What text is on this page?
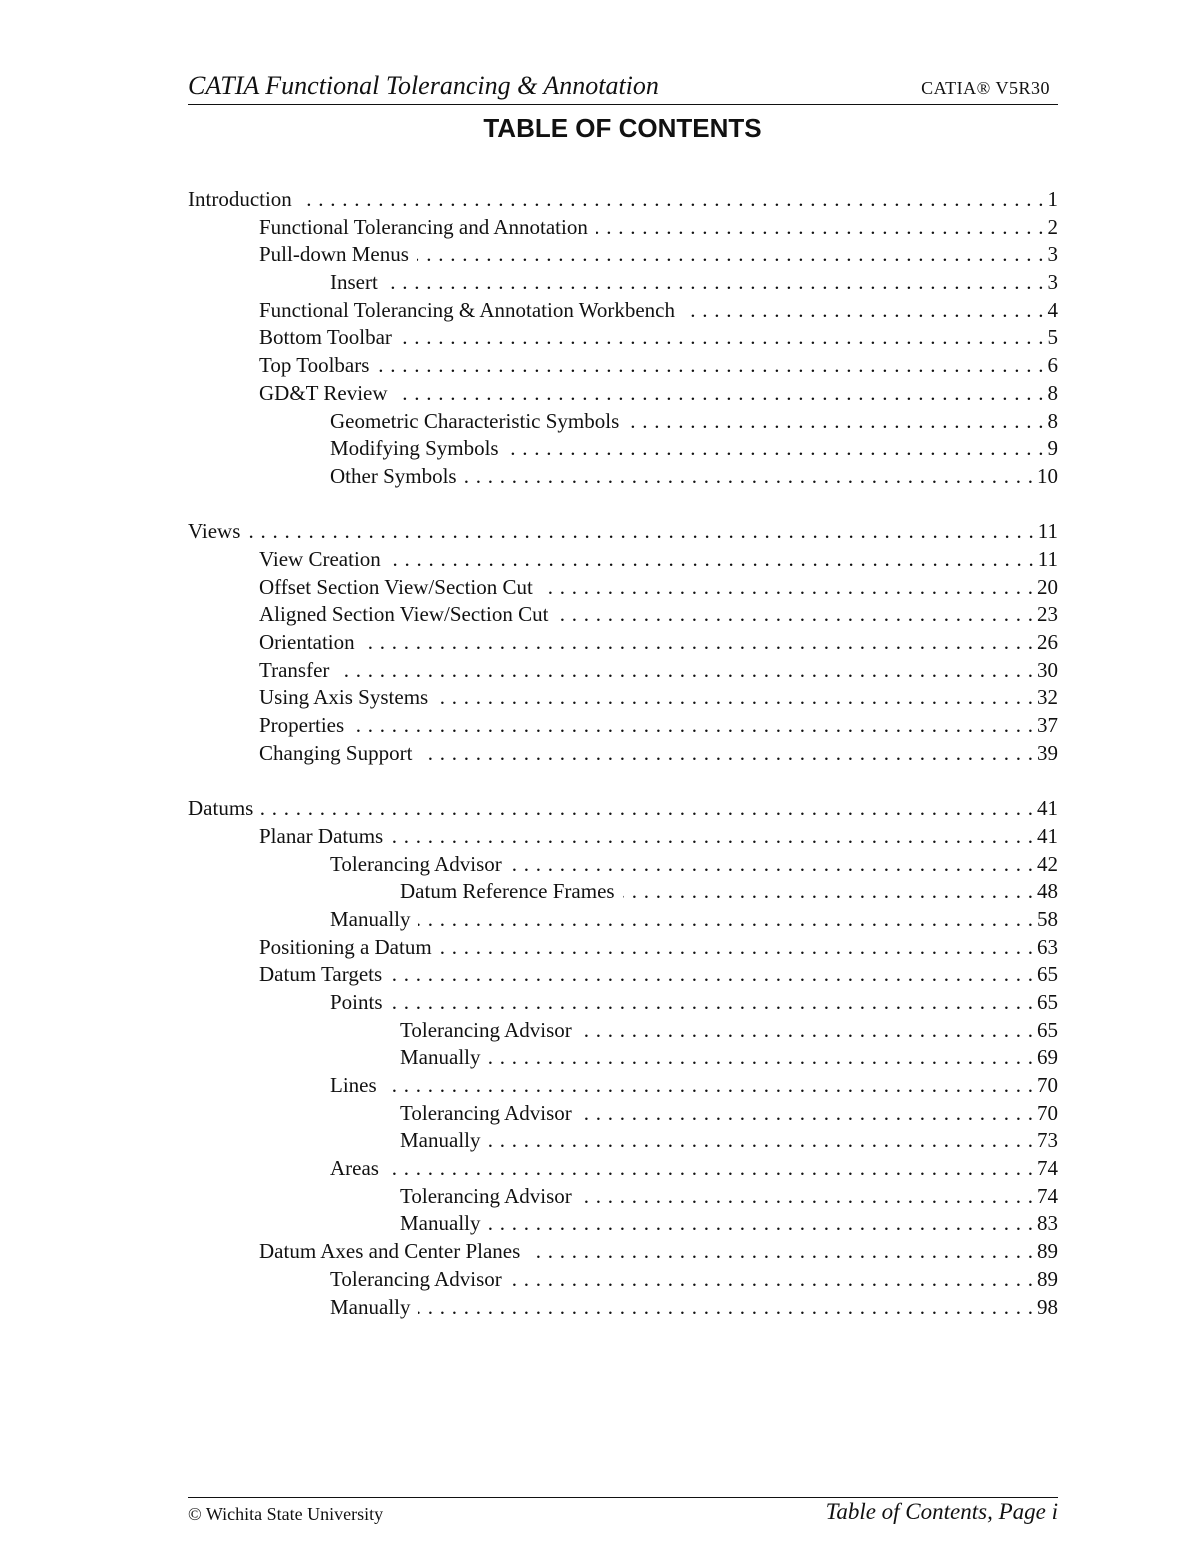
CATIA Functional Tolerancing & Annotation	CATIA® V5R30
TABLE OF CONTENTS
Introduction . . .	1
Functional Tolerancing and Annotation . . .	2
Pull-down Menus . . .	3
Insert . . .	3
Functional Tolerancing & Annotation Workbench . . .	4
Bottom Toolbar . . .	5
Top Toolbars . . .	6
GD&T Review . . .	8
Geometric Characteristic Symbols . . .	8
Modifying Symbols . . .	9
Other Symbols . . .	10
Views . . .	11
View Creation . . .	11
Offset Section View/Section Cut . . .	20
Aligned Section View/Section Cut . . .	23
Orientation . . .	26
Transfer . . .	30
Using Axis Systems . . .	32
Properties . . .	37
Changing Support . . .	39
Datums . . .	41
Planar Datums . . .	41
Tolerancing Advisor . . .	42
Datum Reference Frames . . .	48
Manually . . .	58
Positioning a Datum . . .	63
Datum Targets . . .	65
Points . . .	65
Tolerancing Advisor . . .	65
Manually . . .	69
Lines . . .	70
Tolerancing Advisor . . .	70
Manually . . .	73
Areas . . .	74
Tolerancing Advisor . . .	74
Manually . . .	83
Datum Axes and Center Planes . . .	89
Tolerancing Advisor . . .	89
Manually . . .	98
© Wichita State University	Table of Contents, Page i
